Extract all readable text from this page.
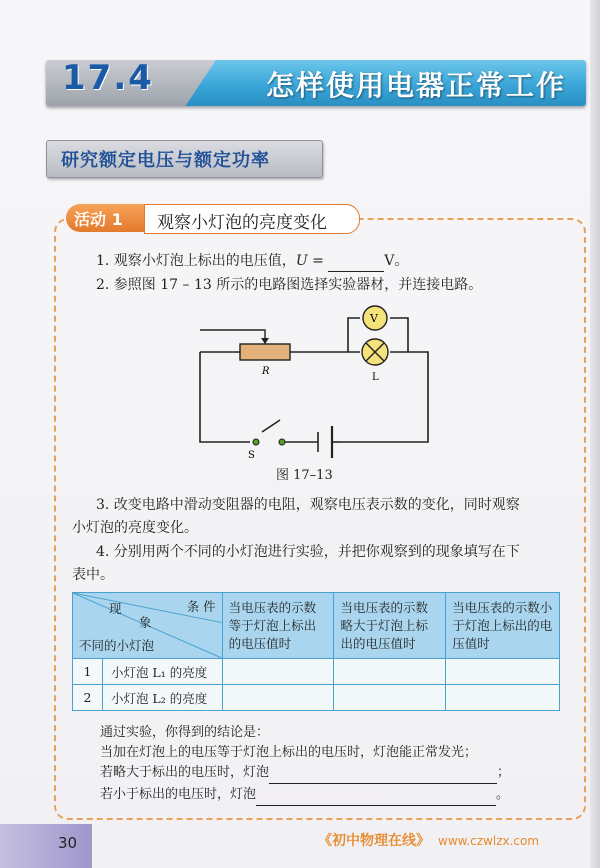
17.4	怎样使用电器正常工作
研究额定电压与额定功率
活动 1 观察小灯泡的亮度变化
1. 观察小灯泡上标出的电压值，U =	V。
2. 参照图 17 – 13 所示的电路图选择实验器材，并连接电路。
R
S
L
V
图 17–13
3. 改变电路中滑动变阻器的电阻，观察电压表示数的变化，同时观察
小灯泡的亮度变化。
4. 分别用两个不同的小灯泡进行实验，并把你观察到的现象填写在下
表中。
条 件
现
象
不同的小灯泡		当电压表的示数等于灯泡上标出的电压值时	当电压表的示数略大于灯泡上标出的电压值时	当电压表的示数小于灯泡上标出的电压值时
1	小灯泡 L₁ 的亮度			
2	小灯泡 L₂ 的亮度			
通过实验，你得到的结论是：
当加在灯泡上的电压等于灯泡上标出的电压时，灯泡能正常发光；
若略大于标出的电压时，灯泡	；
若小于标出的电压时，灯泡	。
30	《初中物理在线》 www.czwlzx.com
